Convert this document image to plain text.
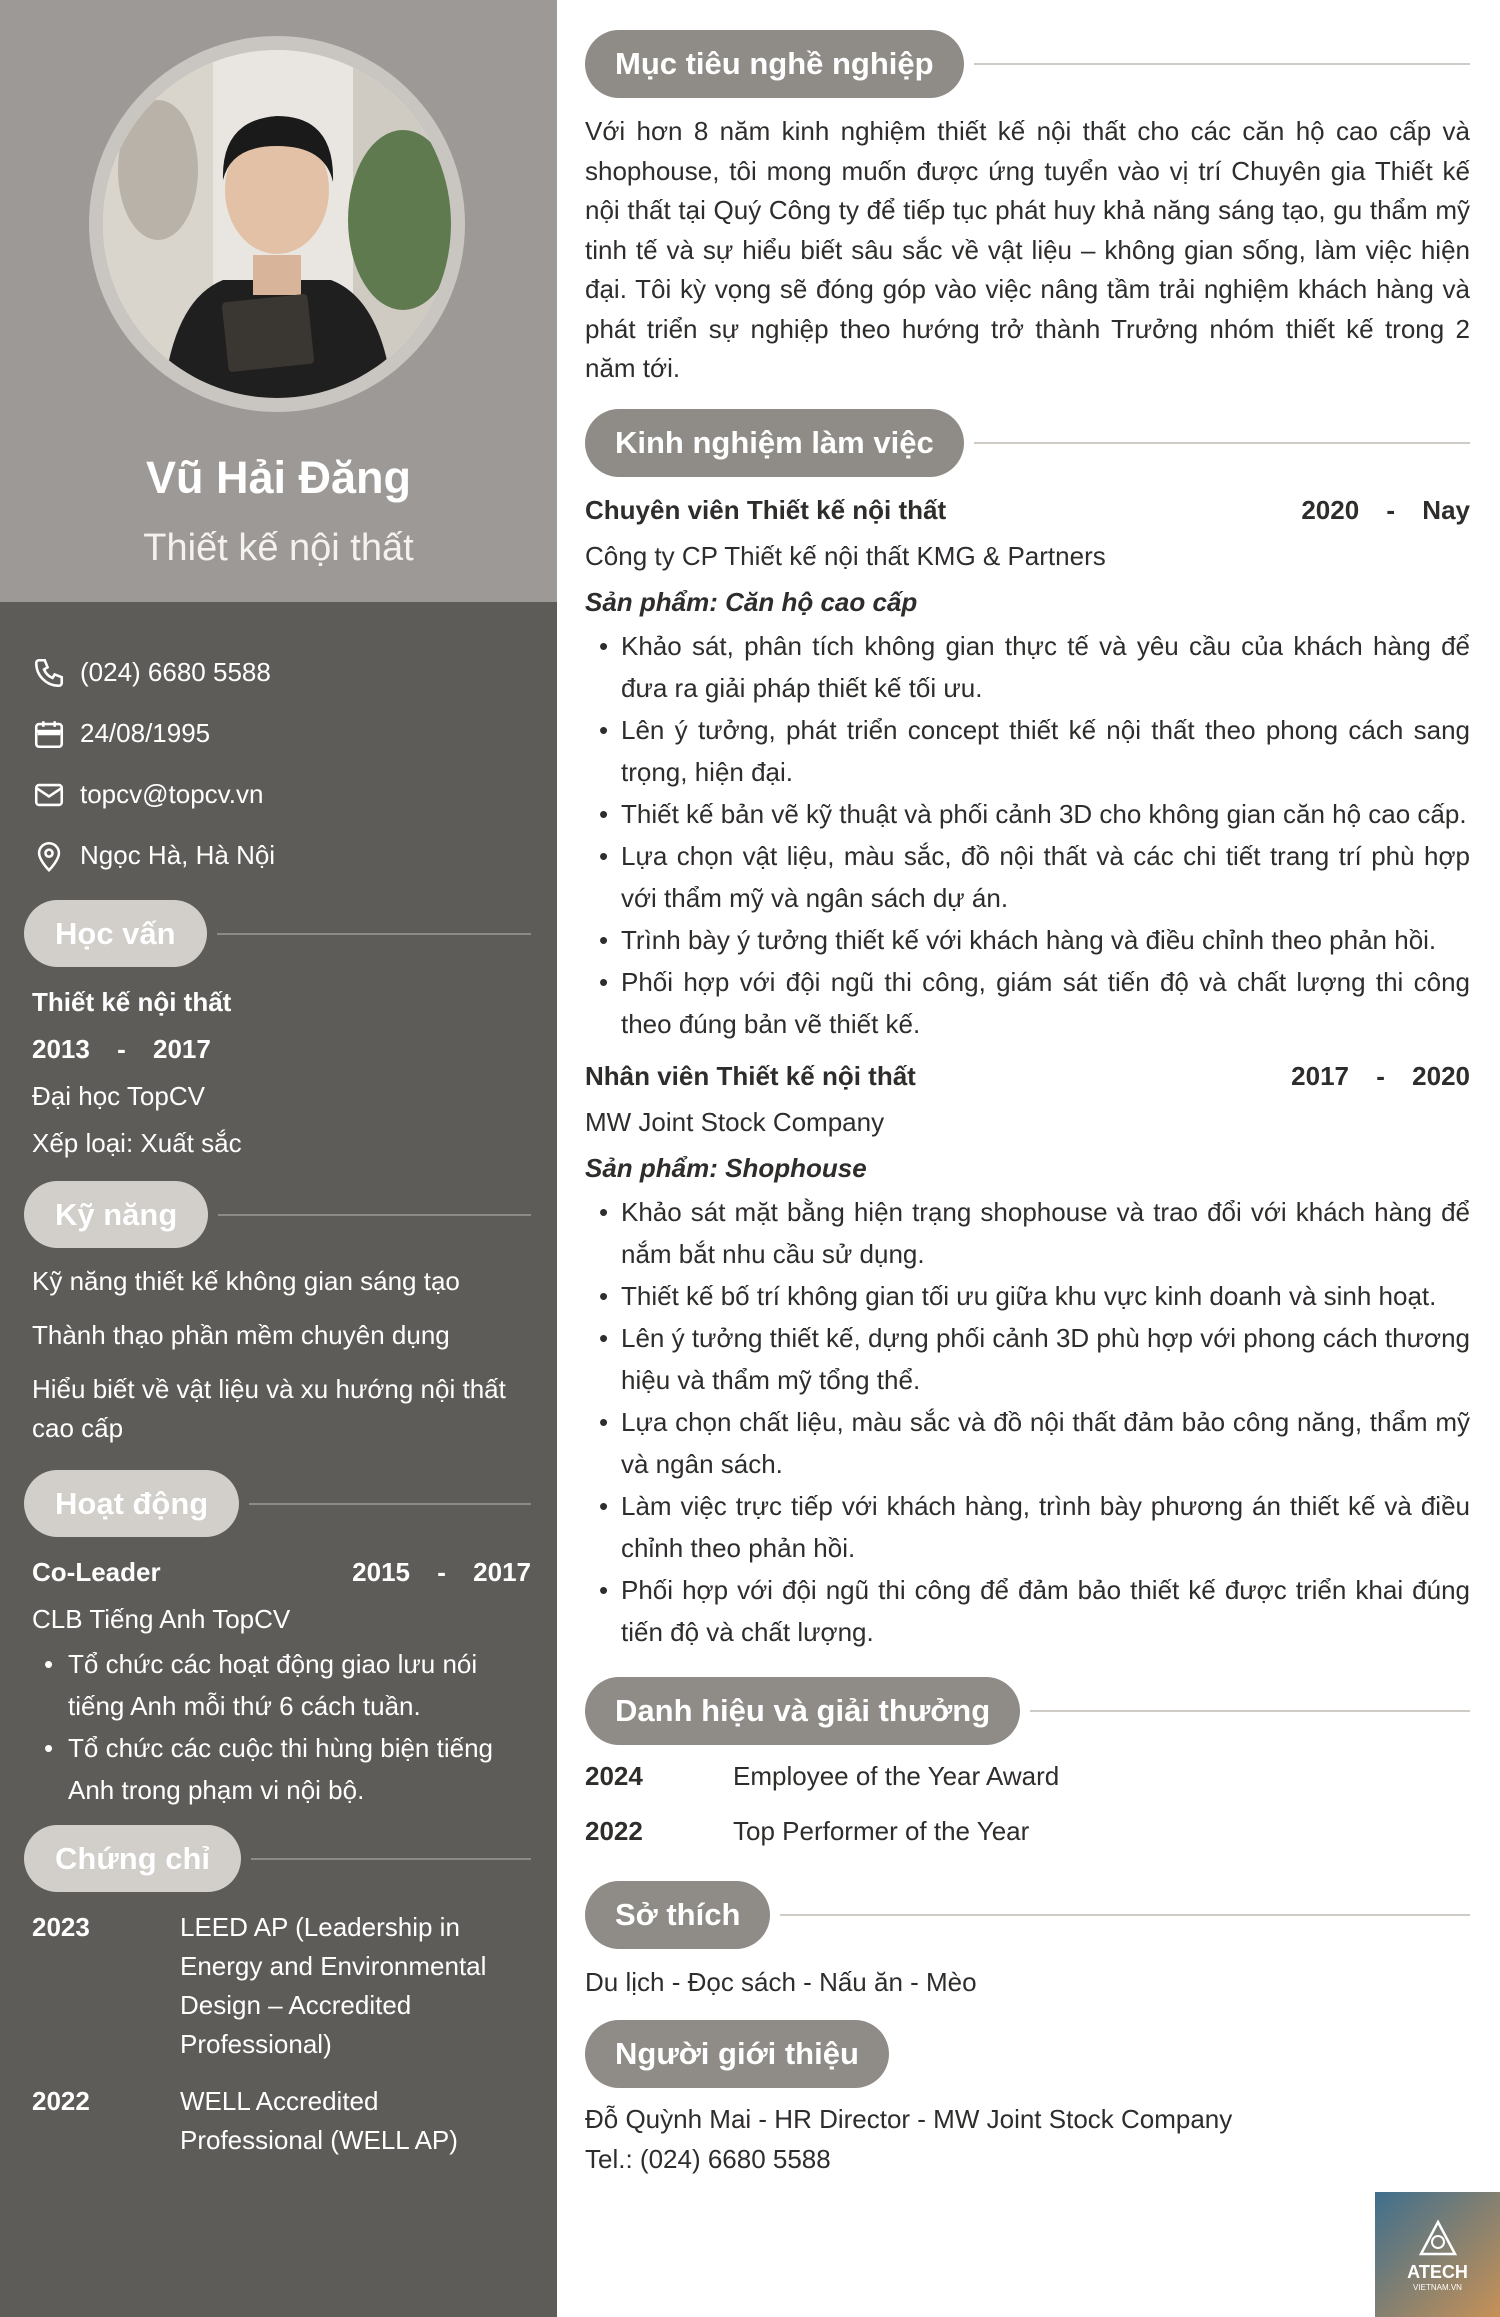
Vũ Hải Đăng
Thiết kế nội thất
(024) 6680 5588
24/08/1995
topcv@topcv.vn
Ngọc Hà, Hà Nội
Học vấn
Thiết kế nội thất
2013 - 2017
Đại học TopCV
Xếp loại: Xuất sắc
Kỹ năng
Kỹ năng thiết kế không gian sáng tạo
Thành thạo phần mềm chuyên dụng
Hiểu biết về vật liệu và xu hướng nội thất cao cấp
Hoạt động
Co-Leader	2015 - 2017
CLB Tiếng Anh TopCV
• Tổ chức các hoạt động giao lưu nói tiếng Anh mỗi thứ 6 cách tuần.
• Tổ chức các cuộc thi hùng biện tiếng Anh trong phạm vi nội bộ.
Chứng chỉ
2023	LEED AP (Leadership in Energy and Environmental Design – Accredited Professional)
2022	WELL Accredited Professional (WELL AP)
Mục tiêu nghề nghiệp
Với hơn 8 năm kinh nghiệm thiết kế nội thất cho các căn hộ cao cấp và shophouse, tôi mong muốn được ứng tuyển vào vị trí Chuyên gia Thiết kế nội thất tại Quý Công ty để tiếp tục phát huy khả năng sáng tạo, gu thẩm mỹ tinh tế và sự hiểu biết sâu sắc về vật liệu – không gian sống, làm việc hiện đại. Tôi kỳ vọng sẽ đóng góp vào việc nâng tầm trải nghiệm khách hàng và phát triển sự nghiệp theo hướng trở thành Trưởng nhóm thiết kế trong 2 năm tới.
Kinh nghiệm làm việc
Chuyên viên Thiết kế nội thất	2020 - Nay
Công ty CP Thiết kế nội thất KMG & Partners
Sản phẩm: Căn hộ cao cấp
• Khảo sát, phân tích không gian thực tế và yêu cầu của khách hàng để đưa ra giải pháp thiết kế tối ưu.
• Lên ý tưởng, phát triển concept thiết kế nội thất theo phong cách sang trọng, hiện đại.
• Thiết kế bản vẽ kỹ thuật và phối cảnh 3D cho không gian căn hộ cao cấp.
• Lựa chọn vật liệu, màu sắc, đồ nội thất và các chi tiết trang trí phù hợp với thẩm mỹ và ngân sách dự án.
• Trình bày ý tưởng thiết kế với khách hàng và điều chỉnh theo phản hồi.
• Phối hợp với đội ngũ thi công, giám sát tiến độ và chất lượng thi công theo đúng bản vẽ thiết kế.
Nhân viên Thiết kế nội thất	2017 - 2020
MW Joint Stock Company
Sản phẩm: Shophouse
• Khảo sát mặt bằng hiện trạng shophouse và trao đổi với khách hàng để nắm bắt nhu cầu sử dụng.
• Thiết kế bố trí không gian tối ưu giữa khu vực kinh doanh và sinh hoạt.
• Lên ý tưởng thiết kế, dựng phối cảnh 3D phù hợp với phong cách thương hiệu và thẩm mỹ tổng thể.
• Lựa chọn chất liệu, màu sắc và đồ nội thất đảm bảo công năng, thẩm mỹ và ngân sách.
• Làm việc trực tiếp với khách hàng, trình bày phương án thiết kế và điều chỉnh theo phản hồi.
• Phối hợp với đội ngũ thi công để đảm bảo thiết kế được triển khai đúng tiến độ và chất lượng.
Danh hiệu và giải thưởng
2024	Employee of the Year Award
2022	Top Performer of the Year
Sở thích
Du lịch - Đọc sách - Nấu ăn - Mèo
Người giới thiệu
Đỗ Quỳnh Mai - HR Director - MW Joint Stock Company
Tel.: (024) 6680 5588
ATECH
VIETNAM.VN
